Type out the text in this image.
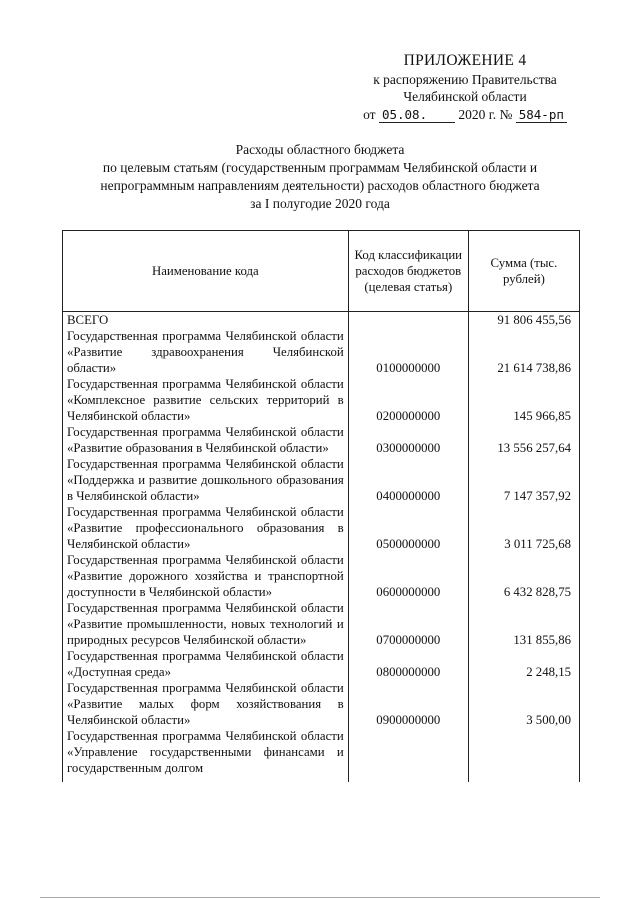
ПРИЛОЖЕНИЕ 4
к распоряжению Правительства
Челябинской области
от 05.08. 2020 г. № 584-рп
Расходы областного бюджета
по целевым статьям (государственным программам Челябинской области и
непрограммным направлениям деятельности) расходов областного бюджета
за I полугодие 2020 года
Наименование кода	Код классификации расходов бюджетов (целевая статья)	Сумма (тыс. рублей)
ВСЕГО		91 806 455,56
Государственная программа Челябинской области «Развитие здравоохранения Челябинской области»	0100000000	21 614 738,86
Государственная программа Челябинской области «Комплексное развитие сельских территорий в Челябинской области»	0200000000	145 966,85
Государственная программа Челябинской области «Развитие образования в Челябинской области»	0300000000	13 556 257,64
Государственная программа Челябинской области «Поддержка и развитие дошкольного образования в Челябинской области»	0400000000	7 147 357,92
Государственная программа Челябинской области «Развитие профессионального образования в Челябинской области»	0500000000	3 011 725,68
Государственная программа Челябинской области «Развитие дорожного хозяйства и транспортной доступности в Челябинской области»	0600000000	6 432 828,75
Государственная программа Челябинской области «Развитие промышленности, новых технологий и природных ресурсов Челябинской области»	0700000000	131 855,86
Государственная программа Челябинской области «Доступная среда»	0800000000	2 248,15
Государственная программа Челябинской области «Развитие малых форм хозяйствования в Челябинской области»	0900000000	3 500,00
Государственная программа Челябинской области «Управление государственными финансами и государственным долгом		
